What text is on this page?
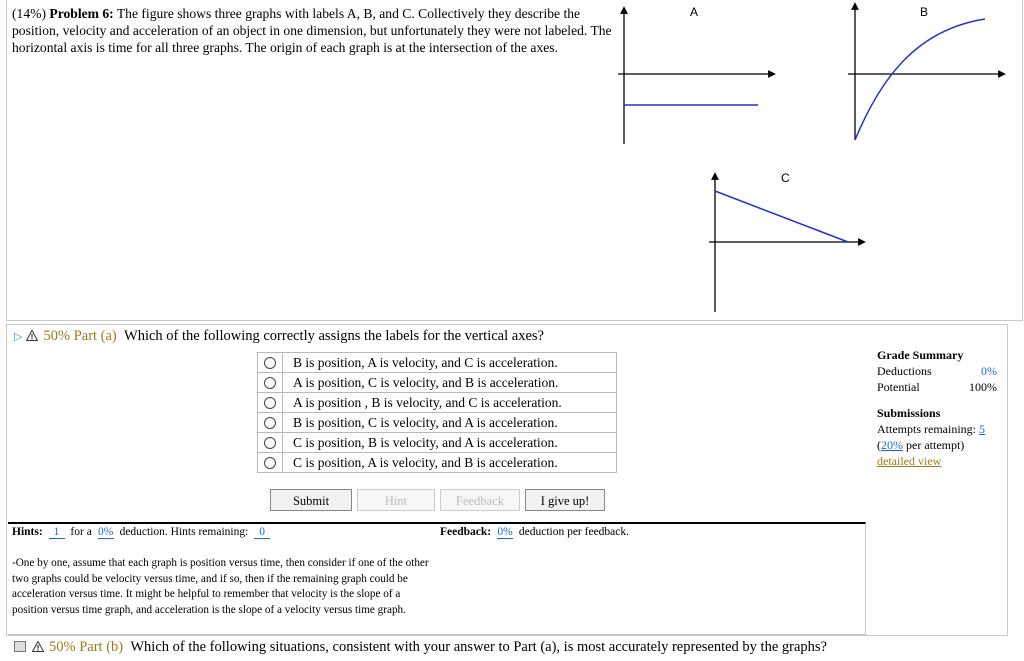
(14%) Problem 6: The figure shows three graphs with labels A, B, and C. Collectively they describe the position, velocity and acceleration of an object in one dimension, but unfortunately they were not labeled. The horizontal axis is time for all three graphs. The origin of each graph is at the intersection of the axes.
A	B
C
▷ 50% Part (a) Which of the following correctly assigns the labels for the vertical axes?
	B is position, A is velocity, and C is acceleration.
	A is position, C is velocity, and B is acceleration.
	A is position , B is velocity, and C is acceleration.
	B is position, C is velocity, and A is acceleration.
	C is position, B is velocity, and A is acceleration.
	C is position, A is velocity, and B is acceleration.
Submit	Hint	Feedback	I give up!
Grade Summary
Deductions	0%
Potential	100%
Submissions
Attempts remaining: 5
(20% per attempt)
detailed view
Hints: 1 for a 0% deduction. Hints remaining: 0	Feedback: 0% deduction per feedback.
-One by one, assume that each graph is position versus time, then consider if one of the other two graphs could be velocity versus time, and if so, then if the remaining graph could be acceleration versus time. It might be helpful to remember that velocity is the slope of a position versus time graph, and acceleration is the slope of a velocity versus time graph.
50% Part (b) Which of the following situations, consistent with your answer to Part (a), is most accurately represented by the graphs?
